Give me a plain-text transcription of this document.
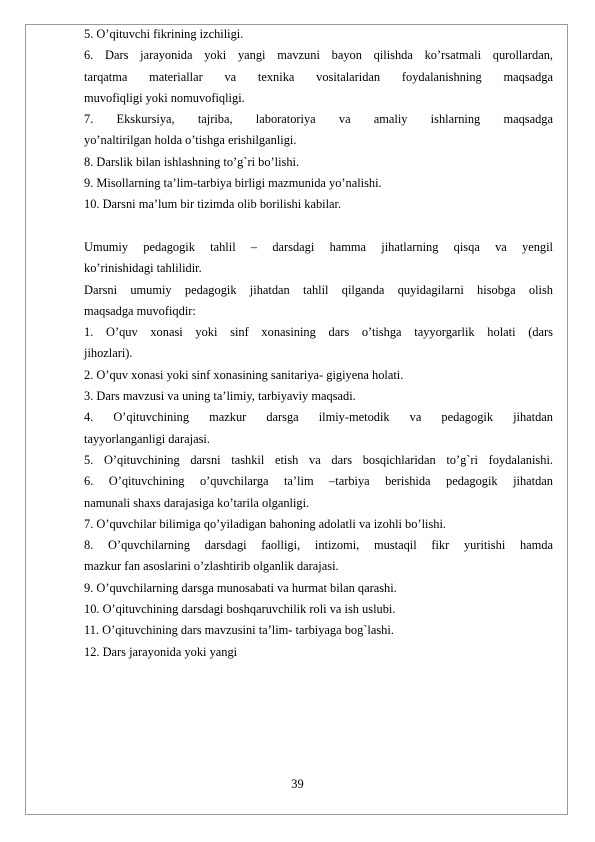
5. O’qituvchi fikrining izchiligi.
6. Dars jarayonida yoki yangi mavzuni bayon qilishda ko’rsatmali qurollardan,
tarqatma materiallar va texnika vositalaridan foydalanishning maqsadga
muvofiqligi yoki nomuvofiqligi.
7. Ekskursiya, tajriba, laboratoriya va amaliy ishlarning maqsadga
yo’naltirilgan holda o’tishga erishilganligi.
8. Darslik bilan ishlashning to’g`ri bo’lishi.
9. Misollarning ta’lim-tarbiya birligi mazmunida yo’nalishi.
10. Darsni ma’lum bir tizimda olib borilishi kabilar.
Umumiy pedagogik tahlil – darsdagi hamma jihatlarning qisqa va yengil
ko’rinishidagi tahlilidir.
Darsni umumiy pedagogik jihatdan tahlil qilganda quyidagilarni hisobga olish
maqsadga muvofiqdir:
1. O’quv xonasi yoki sinf xonasining dars o’tishga tayyorgarlik holati (dars
jihozlari).
2. O’quv xonasi yoki sinf xonasining sanitariya- gigiyena holati.
3. Dars mavzusi va uning ta’limiy, tarbiyaviy maqsadi.
4. O’qituvchining mazkur darsga ilmiy-metodik va pedagogik jihatdan
tayyorlanganligi darajasi.
5. O’qituvchining darsni tashkil etish va dars bosqichlaridan to’g`ri foydalanishi.
6. O’qituvchining o’quvchilarga ta’lim –tarbiya berishida pedagogik jihatdan
namunali shaxs darajasiga ko’tarila olganligi.
7. O’quvchilar bilimiga qo’yiladigan bahoning adolatli va izohli bo’lishi.
8. O’quvchilarning darsdagi faolligi, intizomi, mustaqil fikr yuritishi hamda
mazkur fan asoslarini o’zlashtirib olganlik darajasi.
9. O’quvchilarning darsga munosabati va hurmat bilan qarashi.
10. O’qituvchining darsdagi boshqaruvchilik roli va ish uslubi.
11. O’qituvchining dars mavzusini ta’lim- tarbiyaga bog`lashi.
12. Dars jarayonida yoki yangi
39
